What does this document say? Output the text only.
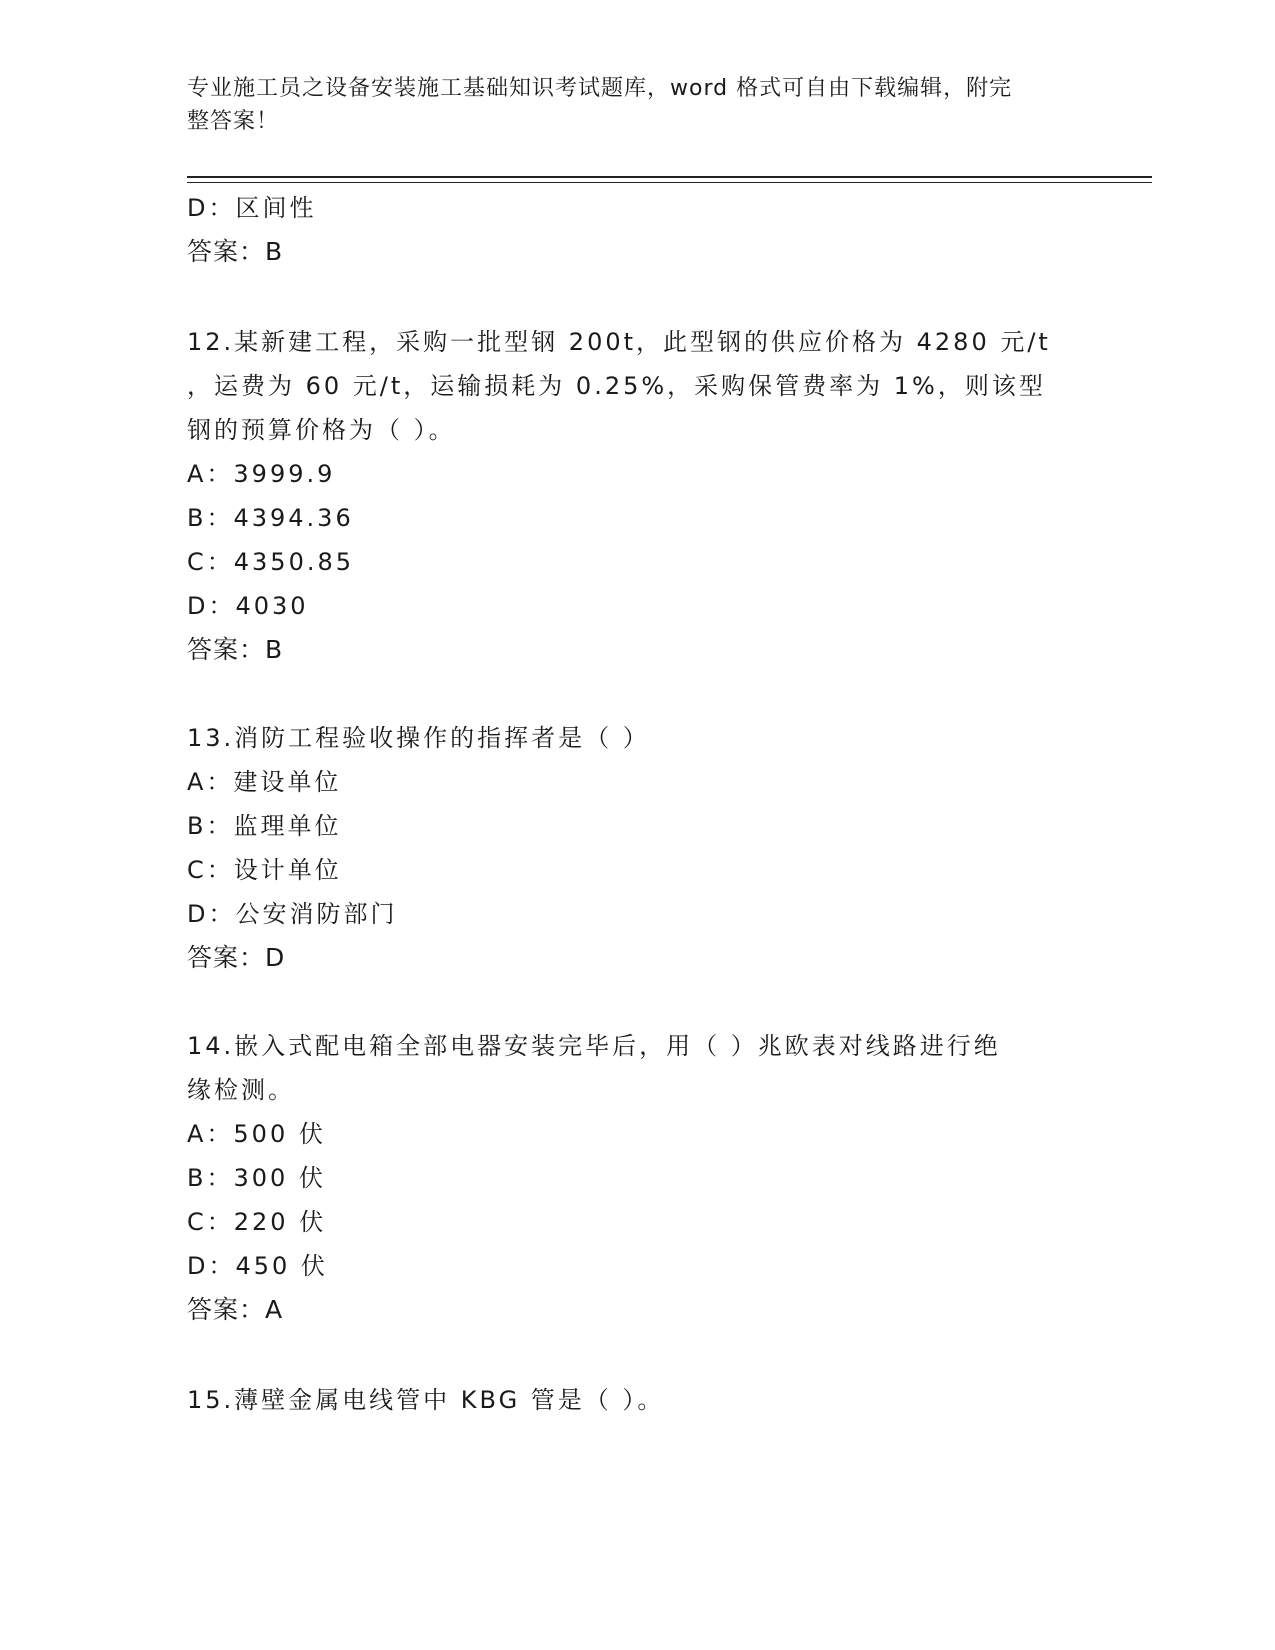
专业施工员之设备安装施工基础知识考试题库，word 格式可自由下载编辑，附完
整答案！
D：区间性
答案：B
12.某新建工程，采购一批型钢 200t，此型钢的供应价格为 4280 元/t
，运费为 60 元/t，运输损耗为 0.25%，采购保管费率为 1%，则该型
钢的预算价格为（ ）。
A：3999.9
B：4394.36
C：4350.85
D：4030
答案：B
13.消防工程验收操作的指挥者是（ ）
A：建设单位
B：监理单位
C：设计单位
D：公安消防部门
答案：D
14.嵌入式配电箱全部电器安装完毕后，用（ ）兆欧表对线路进行绝
缘检测。
A：500 伏
B：300 伏
C：220 伏
D：450 伏
答案：A
15.薄壁金属电线管中 KBG 管是（ ）。
